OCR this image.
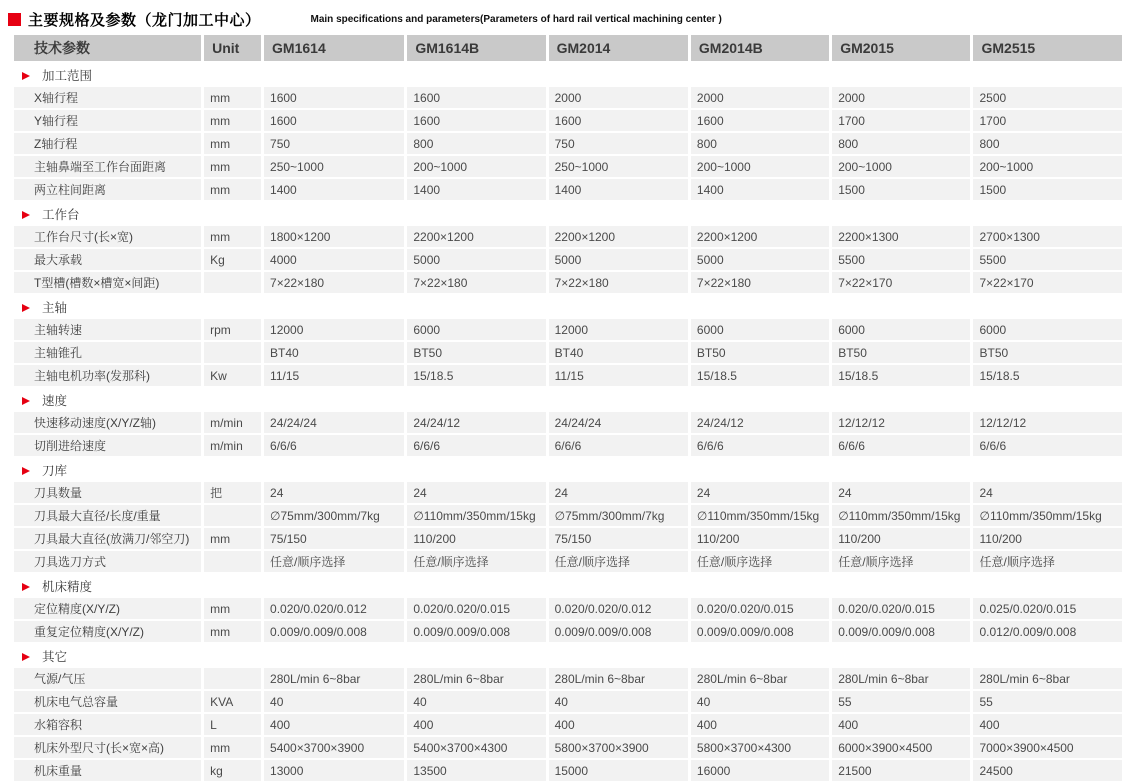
主要规格及参数（龙门加工中心）	Main specifications and parameters(Parameters of hard rail vertical machining center )
技术参数	Unit	GM1614	GM1614B	GM2014	GM2014B	GM2015	GM2515
加工范围							
X轴行程	mm	1600	1600	2000	2000	2000	2500
Y轴行程	mm	1600	1600	1600	1600	1700	1700
Z轴行程	mm	750	800	750	800	800	800
主轴鼻端至工作台面距离	mm	250~1000	200~1000	250~1000	200~1000	200~1000	200~1000
两立柱间距离	mm	1400	1400	1400	1400	1500	1500
工作台							
工作台尺寸(长×宽)	mm	1800×1200	2200×1200	2200×1200	2200×1200	2200×1300	2700×1300
最大承载	Kg	4000	5000	5000	5000	5500	5500
T型槽(槽数×槽宽×间距)		7×22×180	7×22×180	7×22×180	7×22×180	7×22×170	7×22×170
主轴							
主轴转速	rpm	12000	6000	12000	6000	6000	6000
主轴锥孔		BT40	BT50	BT40	BT50	BT50	BT50
主轴电机功率(发那科)	Kw	11/15	15/18.5	11/15	15/18.5	15/18.5	15/18.5
速度							
快速移动速度(X/Y/Z轴)	m/min	24/24/24	24/24/12	24/24/24	24/24/12	12/12/12	12/12/12
切削进给速度	m/min	6/6/6	6/6/6	6/6/6	6/6/6	6/6/6	6/6/6
刀库							
刀具数量	把	24	24	24	24	24	24
刀具最大直径/长度/重量		∅75mm/300mm/7kg	∅110mm/350mm/15kg	∅75mm/300mm/7kg	∅110mm/350mm/15kg	∅110mm/350mm/15kg	∅110mm/350mm/15kg
刀具最大直径(放满刀/邻空刀)	mm	75/150	110/200	75/150	110/200	110/200	110/200
刀具选刀方式		任意/顺序选择	任意/顺序选择	任意/顺序选择	任意/顺序选择	任意/顺序选择	任意/顺序选择
机床精度							
定位精度(X/Y/Z)	mm	0.020/0.020/0.012	0.020/0.020/0.015	0.020/0.020/0.012	0.020/0.020/0.015	0.020/0.020/0.015	0.025/0.020/0.015
重复定位精度(X/Y/Z)	mm	0.009/0.009/0.008	0.009/0.009/0.008	0.009/0.009/0.008	0.009/0.009/0.008	0.009/0.009/0.008	0.012/0.009/0.008
其它							
气源/气压		280L/min 6~8bar	280L/min 6~8bar	280L/min 6~8bar	280L/min 6~8bar	280L/min 6~8bar	280L/min 6~8bar
机床电气总容量	KVA	40	40	40	40	55	55
水箱容积	L	400	400	400	400	400	400
机床外型尺寸(长×宽×高)	mm	5400×3700×3900	5400×3700×4300	5800×3700×3900	5800×3700×4300	6000×3900×4500	7000×3900×4500
机床重量	kg	13000	13500	15000	16000	21500	24500
